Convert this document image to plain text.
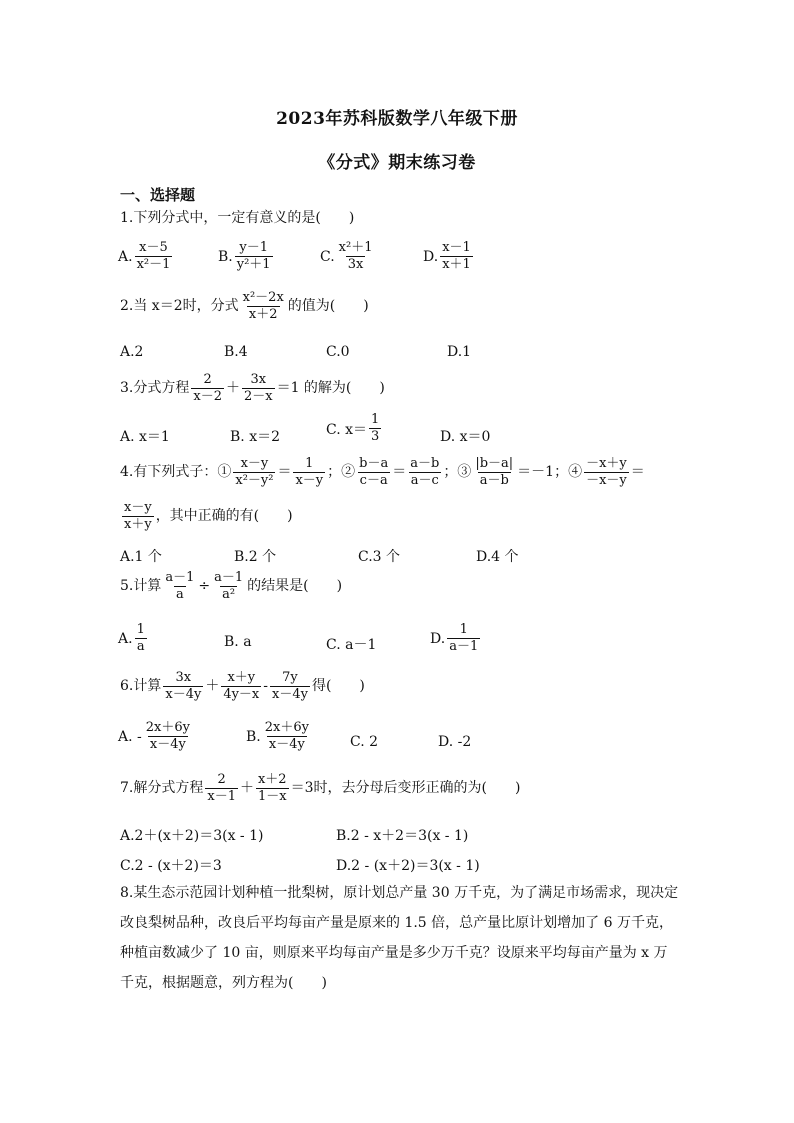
2023年苏科版数学八年级下册
《分式》期末练习卷
一、选择题
1.下列分式中，一定有意义的是(　　)
A. $\frac{x-5}{\text{x²－1}}$	B. $\frac{y-1}{\text{y²＋1}}$	C. $\frac{\text{x²＋1}}{3x}$	D. $\frac{x-1}{x+1}$
2.当 x＝2时，分式 $\frac{\text{x²－2x}}{x+2}$ 的值为(　　)
A.2	B.4	C.0	D.1
3.分式方程 $\frac{2}{x-2} + \frac{3x}{2-x} =1$ 的解为(　　)
A. x＝1	B. x＝2	C. $x= \frac{1}{3}$	D. x＝0
4.有下列式子：① $\frac{x-y}{\text{x²－y²}} = \frac{1}{x-y}$ ；② $\frac{b-a}{c-a} = \frac{a-b}{a-c}$ ；③ $\frac{|b-a|}{a-b} =-1$；④ $\frac{-x+y}{-x-y}$ ＝
$\frac{x-y}{x+y}$ ，其中正确的有(　　)
A.1 个	B.2 个	C.3 个	D.4 个
5.计算 $\frac{a-1}{a} \div \frac{a-1}{\text{a²}}$ 的结果是(　　)
A. $\frac{1}{a}$	B. a	C. a－1	D. $\frac{1}{a-1}$
6.计算 $\frac{3x}{x-4y} + \frac{x+y}{4y-x} - \frac{7y}{x-4y}$ 得(　　)
A. - $\frac{2x+6y}{x-4y}$	B. $\frac{2x+6y}{x-4y}$	C. 2	D. -2
7.解分式方程 $\frac{2}{x-1} + \frac{x+2}{1-x} =3$时，去分母后变形正确的为(　　)
A.2＋(x＋2)＝3(x - 1)	B.2 - x＋2＝3(x - 1)
C.2 - (x＋2)＝3	D.2 - (x＋2)＝3(x - 1)
8.某生态示范园计划种植一批梨树，原计划总产量 30 万千克，为了满足市场需求，现决定改良梨树品种，改良后平均每亩产量是原来的 1.5 倍，总产量比原计划增加了 6 万千克，种植亩数减少了 10 亩，则原来平均每亩产量是多少万千克？设原来平均每亩产量为 x 万千克，根据题意，列方程为(　　)
